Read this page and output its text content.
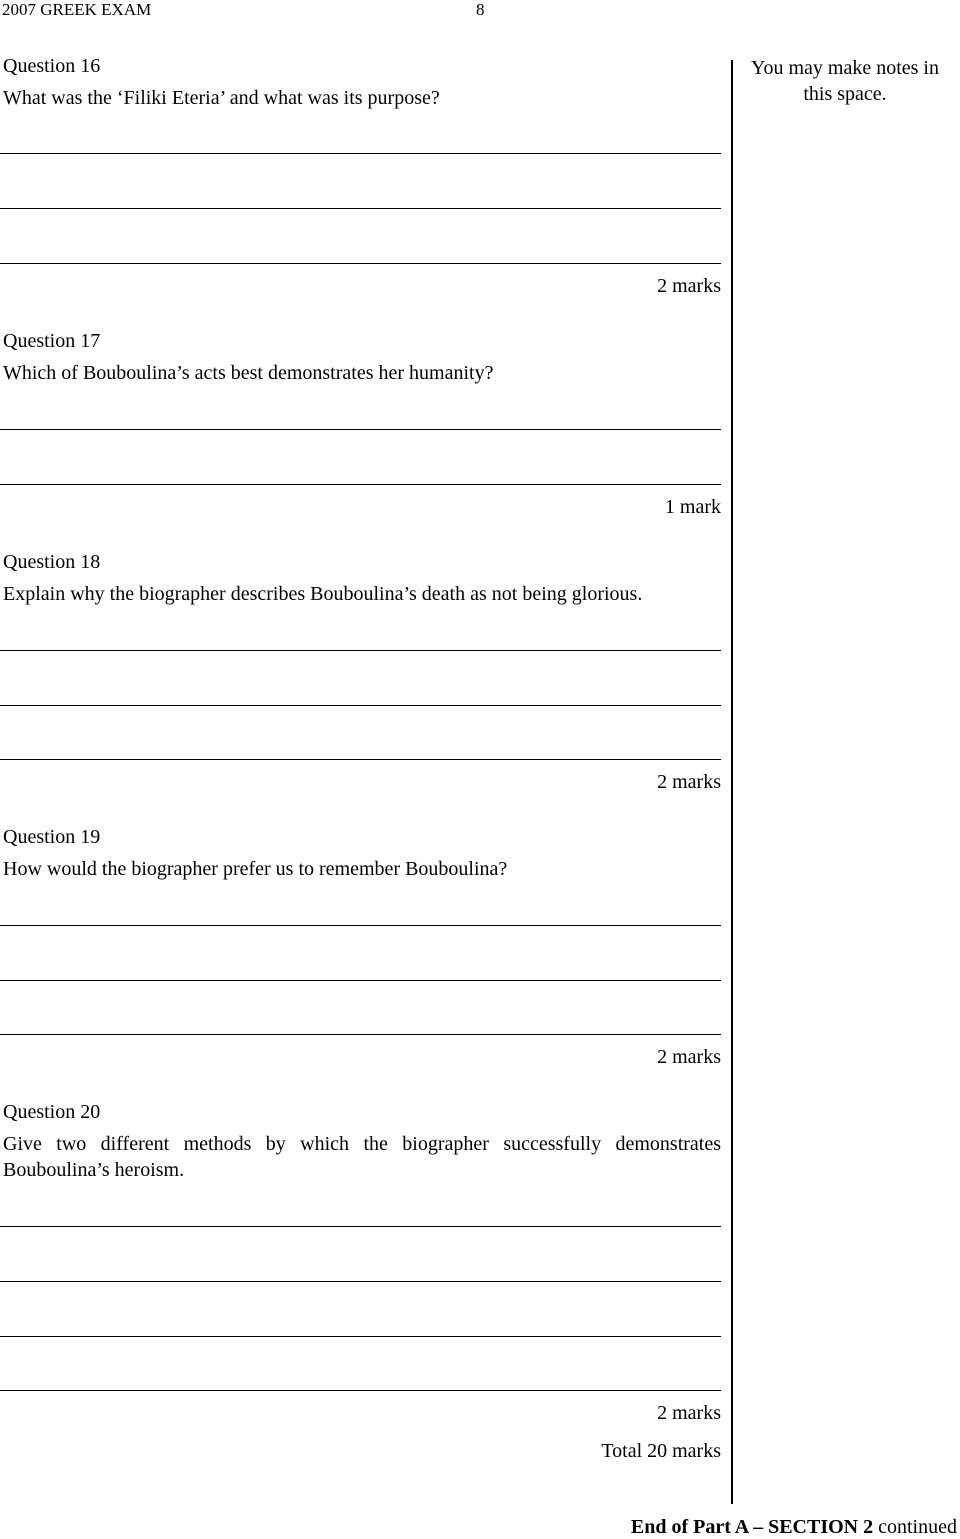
2007 GREEK EXAM	8
You may make notes in this space.
Question 16
What was the ‘Filiki Eteria’ and what was its purpose?
2 marks
Question 17
Which of Bouboulina’s acts best demonstrates her humanity?
1 mark
Question 18
Explain why the biographer describes Bouboulina’s death as not being glorious.
2 marks
Question 19
How would the biographer prefer us to remember Bouboulina?
2 marks
Question 20
Give two different methods by which the biographer successfully demonstrates
Bouboulina’s heroism.
2 marks
Total 20 marks
End of Part A – SECTION 2 continued
